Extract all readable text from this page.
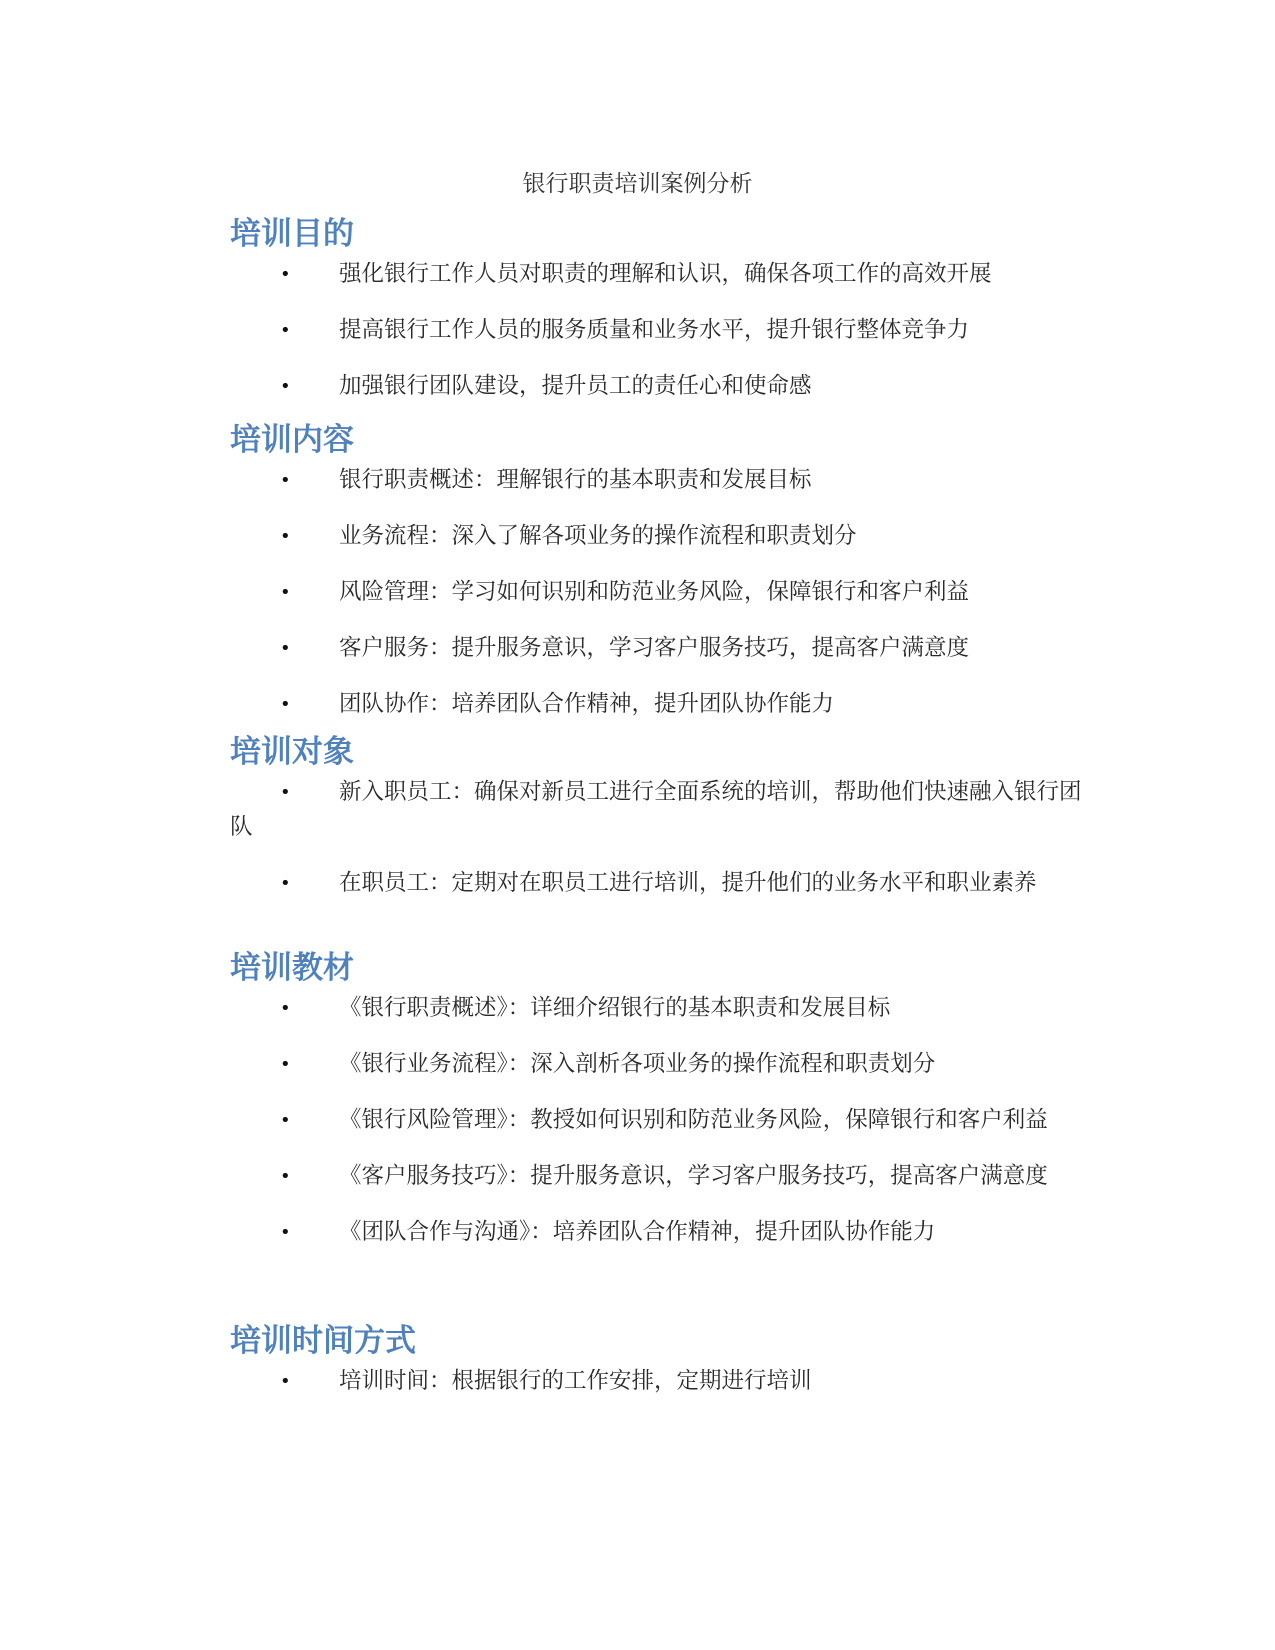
银行职责培训案例分析
培训目的
• 强化银行工作人员对职责的理解和认识，确保各项工作的高效开展
• 提高银行工作人员的服务质量和业务水平，提升银行整体竞争力
• 加强银行团队建设，提升员工的责任心和使命感
培训内容
• 银行职责概述：理解银行的基本职责和发展目标
• 业务流程：深入了解各项业务的操作流程和职责划分
• 风险管理：学习如何识别和防范业务风险，保障银行和客户利益
• 客户服务：提升服务意识，学习客户服务技巧，提高客户满意度
• 团队协作：培养团队合作精神，提升团队协作能力
培训对象
• 新入职员工：确保对新员工进行全面系统的培训，帮助他们快速融入银行团队
• 在职员工：定期对在职员工进行培训，提升他们的业务水平和职业素养
培训教材
• 《银行职责概述》：详细介绍银行的基本职责和发展目标
• 《银行业务流程》：深入剖析各项业务的操作流程和职责划分
• 《银行风险管理》：教授如何识别和防范业务风险，保障银行和客户利益
• 《客户服务技巧》：提升服务意识，学习客户服务技巧，提高客户满意度
• 《团队合作与沟通》：培养团队合作精神，提升团队协作能力
培训时间方式
• 培训时间：根据银行的工作安排，定期进行培训
